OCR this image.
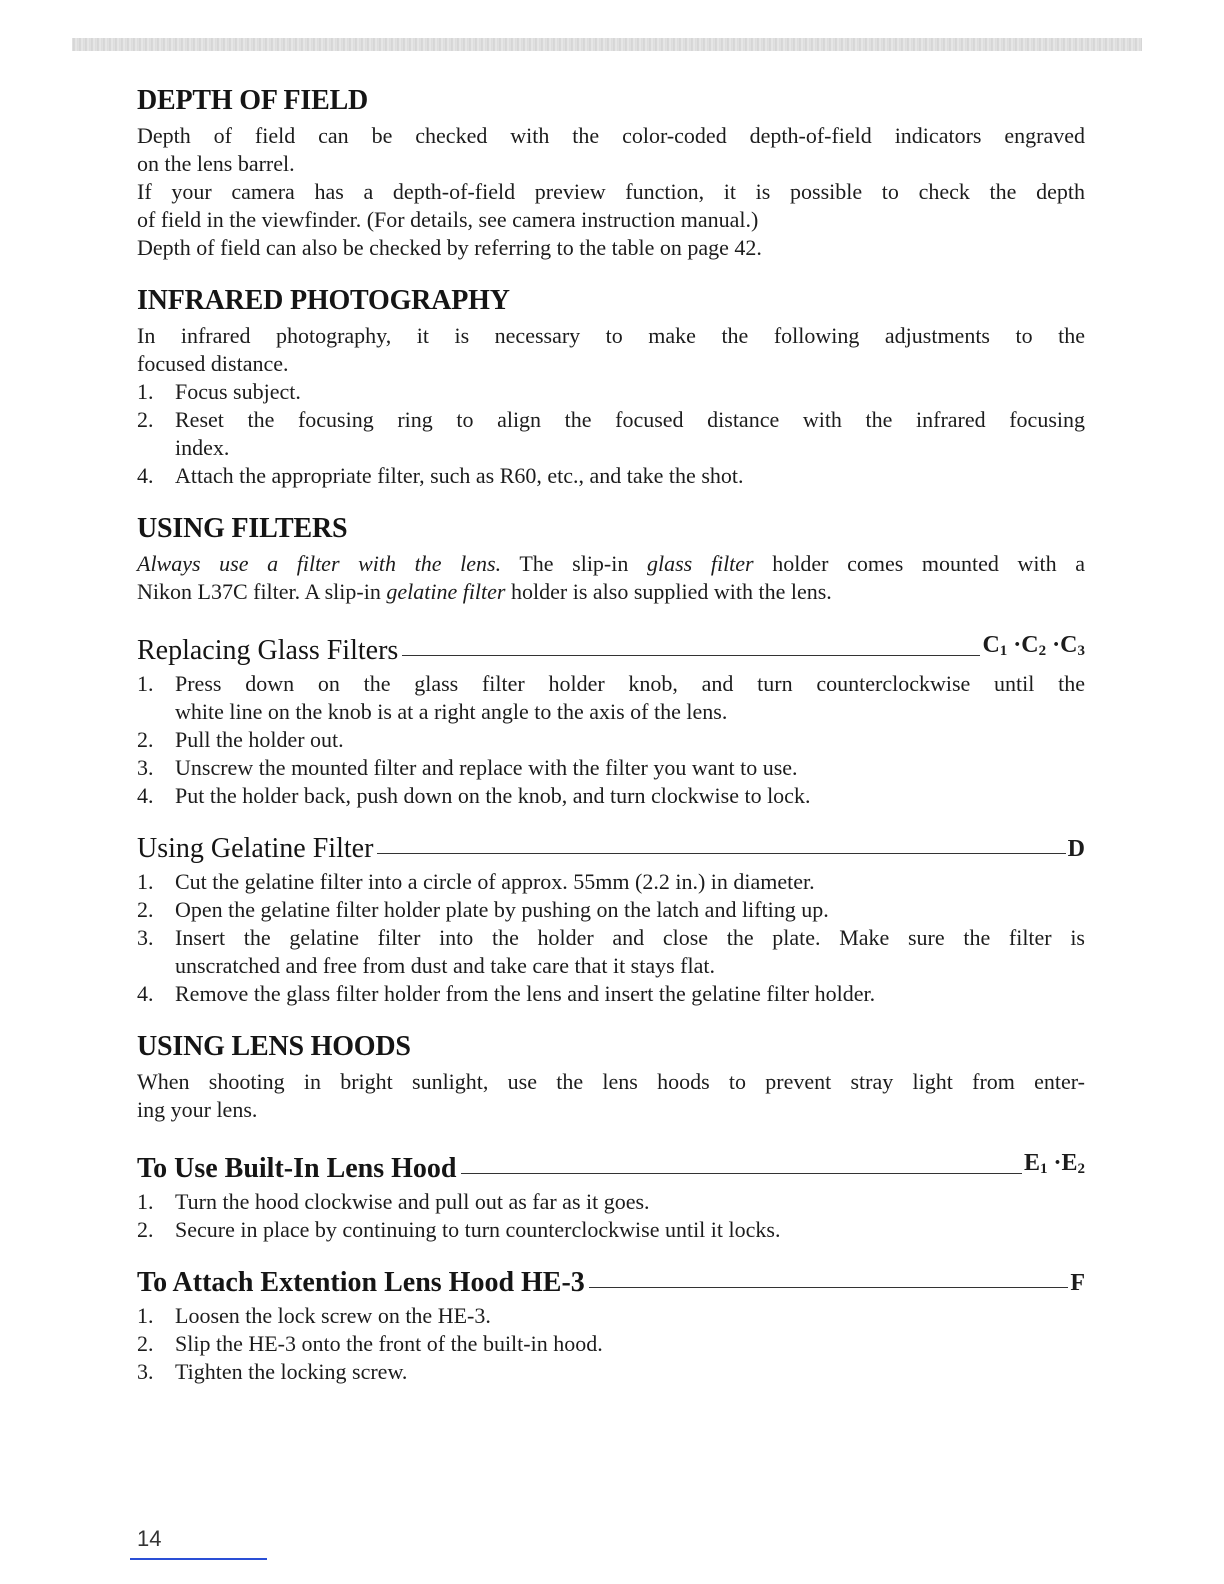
DEPTH OF FIELD

Depth of field can be checked with the color-coded depth-of-field indicators engraved

on the lens barrel.

If your camera has a depth-of-field preview function, it is possible to check the depth

of field in the viewfinder. (For details, see camera instruction manual.)

Depth of field can also be checked by referring to the table on page 42.

INFRARED PHOTOGRAPHY

In infrared photography, it is necessary to make the following adjustments to the

focused distance.

1. Focus subject.
2. Reset the focusing ring to align the focused distance with the infrared focusing
index.
4. Attach the appropriate filter, such as R60, etc., and take the shot.
USING FILTERS

Always use a filter with the lens. The slip-in glass filter holder comes mounted with a

Nikon L37C filter. A slip-in gelatine filter holder is also supplied with the lens.

Replacing Glass Filters	$C_1 \cdot C_2 \cdot C_3$
1. Press down on the glass filter holder knob, and turn counterclockwise until the
white line on the knob is at a right angle to the axis of the lens.
2. Pull the holder out.
3. Unscrew the mounted filter and replace with the filter you want to use.
4. Put the holder back, push down on the knob, and turn clockwise to lock.
Using Gelatine Filter	D
1. Cut the gelatine filter into a circle of approx. 55mm (2.2 in.) in diameter.
2. Open the gelatine filter holder plate by pushing on the latch and lifting up.
3. Insert the gelatine filter into the holder and close the plate. Make sure the filter is
unscratched and free from dust and take care that it stays flat.
4. Remove the glass filter holder from the lens and insert the gelatine filter holder.
USING LENS HOODS

When shooting in bright sunlight, use the lens hoods to prevent stray light from enter-

ing your lens.

To Use Built-In Lens Hood	$E_1 \cdot E_2$
1. Turn the hood clockwise and pull out as far as it goes.
2. Secure in place by continuing to turn counterclockwise until it locks.
To Attach Extention Lens Hood HE-3	F
1. Loosen the lock screw on the HE-3.
2. Slip the HE-3 onto the front of the built-in hood.
3. Tighten the locking screw.
14
